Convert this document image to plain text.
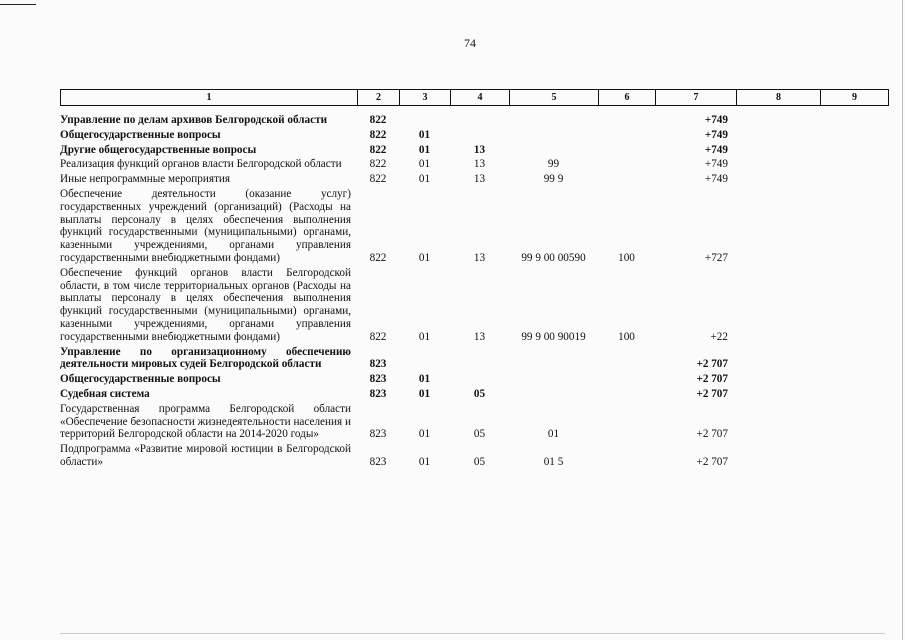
74
1	2	3	4	5	6	7	8	9
Управление по делам архивов Белгородской области	822					+749		
Общегосударственные вопросы	822	01				+749		
Другие общегосударственные вопросы	822	01	13			+749		
Реализация функций органов власти Белгородской области	822	01	13	99		+749		
Иные непрограммные мероприятия	822	01	13	99 9		+749		
Обеспечение деятельности (оказание услуг) государственных учреждений (организаций) (Расходы на выплаты персоналу в целях обеспечения выполнения функций государственными (муниципальными) органами, казенными учреждениями, органами управления государственными внебюджетными фондами)	822	01	13	99 9 00 00590	100	+727		
Обеспечение функций органов власти Белгородской области, в том числе территориальных органов (Расходы на выплаты персоналу в целях обеспечения выполнения функций государственными (муниципальными) органами, казенными учреждениями, органами управления государственными внебюджетными фондами)	822	01	13	99 9 00 90019	100	+22		
Управление по организационному обеспечению деятельности мировых судей Белгородской области	823					+2 707		
Общегосударственные вопросы	823	01				+2 707		
Судебная система	823	01	05			+2 707		
Государственная программа Белгородской области «Обеспечение безопасности жизнедеятельности населения и территорий Белгородской области на 2014-2020 годы»	823	01	05	01		+2 707		
Подпрограмма «Развитие мировой юстиции в Белгородской области»	823	01	05	01 5		+2 707		
